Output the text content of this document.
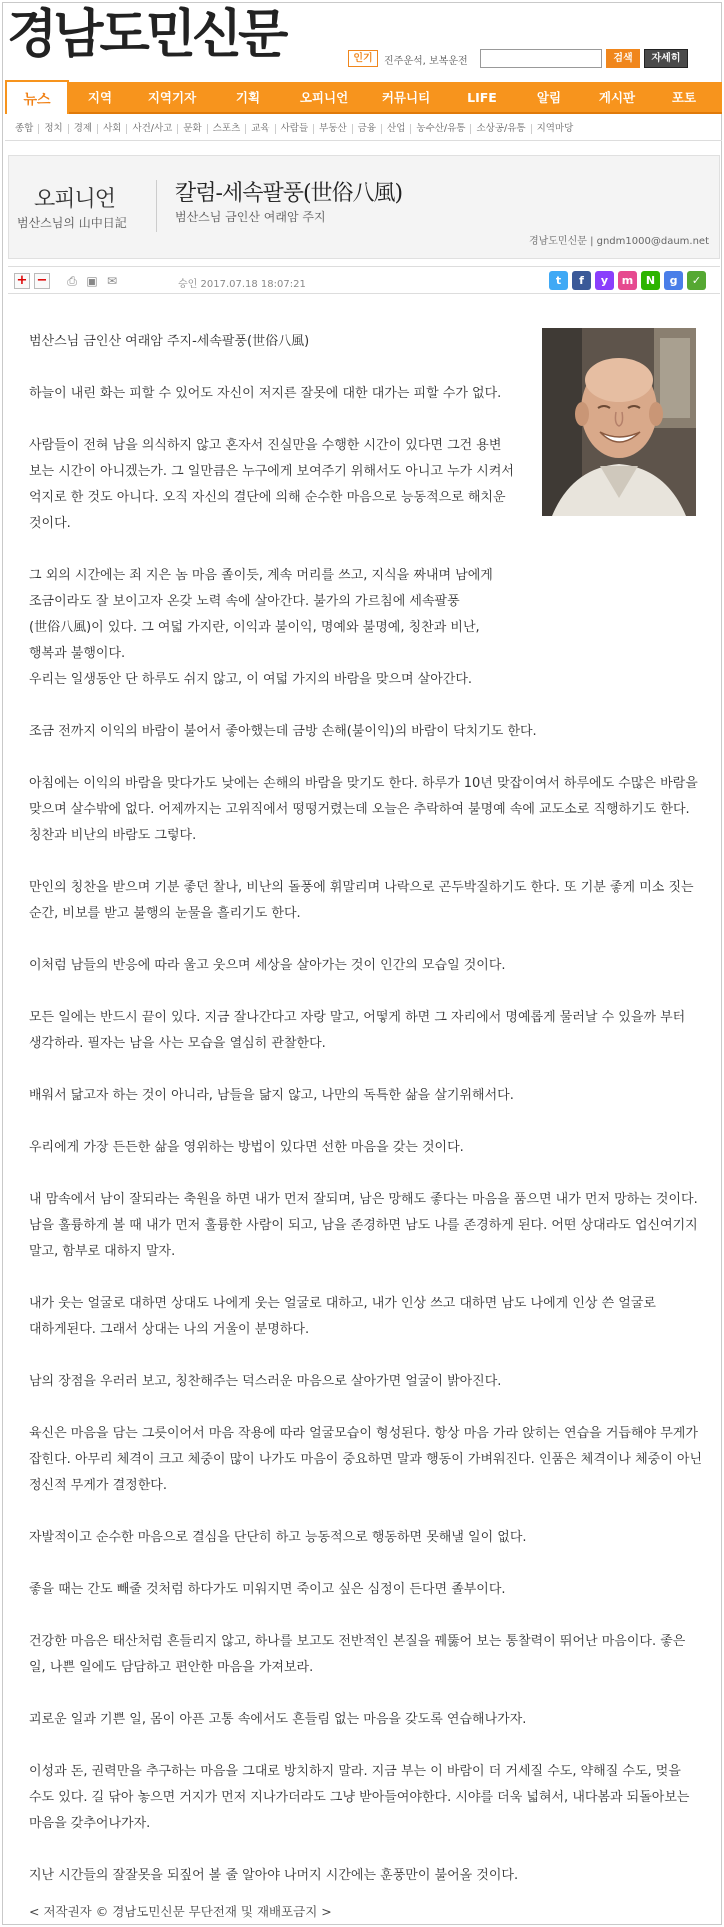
경남도민신문	인기	진주운석, 보복운전	검색	자세히
뉴스	지역	지역기자	기획	오피니언	커뮤니티	LIFE	알림	게시판	포토
종합	정치	경제	사회	사건/사고	문화	스포츠	교육	사람들	부동산	금융	산업	농수산/유통	소상공/유통	지역마당
오피니언
범산스님의 山中日記
칼럼-세속팔풍(世俗八風)
범산스님 금인산 여래암 주지
경남도민신문 | gndm1000@daum.net
+ − ⎙ ▣ ✉	승인 2017.07.18 18:07:21	t	f	y	m	N	g	✓

범산스님 금인산 여래암 주지-세속팔풍(世俗八風)

하늘이 내린 화는 피할 수 있어도 자신이 저지른 잘못에 대한 대가는 피할 수가 없다.

사람들이 전혀 남을 의식하지 않고 혼자서 진실만을 수행한 시간이 있다면 그건 용변 보는 시간이 아니겠는가. 그 일만큼은 누구에게 보여주기 위해서도 아니고 누가 시켜서 억지로 한 것도 아니다. 오직 자신의 결단에 의해 순수한 마음으로 능동적으로 해치운 것이다.

그 외의 시간에는 죄 지은 놈 마음 졸이듯, 계속 머리를 쓰고, 지식을 짜내며 남에게 조금이라도 잘 보이고자 온갖 노력 속에 살아간다. 불가의 가르침에 세속팔풍(世俗八風)이 있다. 그 여덟 가지란, 이익과 불이익, 명예와 불명예, 칭찬과 비난, 행복과 불행이다.
우리는 일생동안 단 하루도 쉬지 않고, 이 여덟 가지의 바람을 맞으며 살아간다.

조금 전까지 이익의 바람이 불어서 좋아했는데 금방 손해(불이익)의 바람이 닥치기도 한다.

아침에는 이익의 바람을 맞다가도 낮에는 손해의 바람을 맞기도 한다. 하루가 10년 맞잡이여서 하루에도 수많은 바람을 맞으며 살수밖에 없다. 어제까지는 고위직에서 떵떵거렸는데 오늘은 추락하여 불명예 속에 교도소로 직행하기도 한다. 칭찬과 비난의 바람도 그렇다.

만인의 칭찬을 받으며 기분 좋던 찰나, 비난의 돌풍에 휘말리며 나락으로 곤두박질하기도 한다. 또 기분 좋게 미소 짓는 순간, 비보를 받고 불행의 눈물을 흘리기도 한다.

이처럼 남들의 반응에 따라 울고 웃으며 세상을 살아가는 것이 인간의 모습일 것이다.

모든 일에는 반드시 끝이 있다. 지금 잘나간다고 자랑 말고, 어떻게 하면 그 자리에서 명예롭게 물러날 수 있을까 부터 생각하라. 필자는 남을 사는 모습을 열심히 관찰한다.

배워서 닮고자 하는 것이 아니라, 남들을 닮지 않고, 나만의 독특한 삶을 살기위해서다.

우리에게 가장 든든한 삶을 영위하는 방법이 있다면 선한 마음을 갖는 것이다.

내 맘속에서 남이 잘되라는 축원을 하면 내가 먼저 잘되며, 남은 망해도 좋다는 마음을 품으면 내가 먼저 망하는 것이다. 남을 훌륭하게 볼 때 내가 먼저 훌륭한 사람이 되고, 남을 존경하면 남도 나를 존경하게 된다. 어떤 상대라도 업신여기지 말고, 함부로 대하지 말자.

내가 웃는 얼굴로 대하면 상대도 나에게 웃는 얼굴로 대하고, 내가 인상 쓰고 대하면 남도 나에게 인상 쓴 얼굴로 대하게된다. 그래서 상대는 나의 거울이 분명하다.

남의 장점을 우러러 보고, 칭찬해주는 덕스러운 마음으로 살아가면 얼굴이 밝아진다.

육신은 마음을 담는 그릇이어서 마음 작용에 따라 얼굴모습이 형성된다. 항상 마음 가라 앉히는 연습을 거듭해야 무게가 잡힌다. 아무리 체격이 크고 체중이 많이 나가도 마음이 중요하면 말과 행동이 가벼워진다. 인품은 체격이나 체중이 아닌 정신적 무게가 결정한다.

자발적이고 순수한 마음으로 결심을 단단히 하고 능동적으로 행동하면 못해낼 일이 없다.

좋을 때는 간도 빼줄 것처럼 하다가도 미워지면 죽이고 싶은 심정이 든다면 졸부이다.

건강한 마음은 태산처럼 흔들리지 않고, 하나를 보고도 전반적인 본질을 꿰뚫어 보는 통찰력이 뛰어난 마음이다. 좋은 일, 나쁜 일에도 담담하고 편안한 마음을 가져보라.

괴로운 일과 기쁜 일, 몸이 아픈 고통 속에서도 흔들림 없는 마음을 갖도록 연습해나가자.

이성과 돈, 권력만을 추구하는 마음을 그대로 방치하지 말라. 지금 부는 이 바람이 더 거세질 수도, 약해질 수도, 멎을 수도 있다. 길 닦아 놓으면 거지가 먼저 지나가더라도 그냥 받아들여야한다. 시야를 더욱 넓혀서, 내다봄과 되돌아보는 마음을 갖추어나가자.

지난 시간들의 잘잘못을 되짚어 볼 줄 알아야 나머지 시간에는 훈풍만이 불어올 것이다.

< 저작권자 © 경남도민신문 무단전재 및 재배포금지 >
